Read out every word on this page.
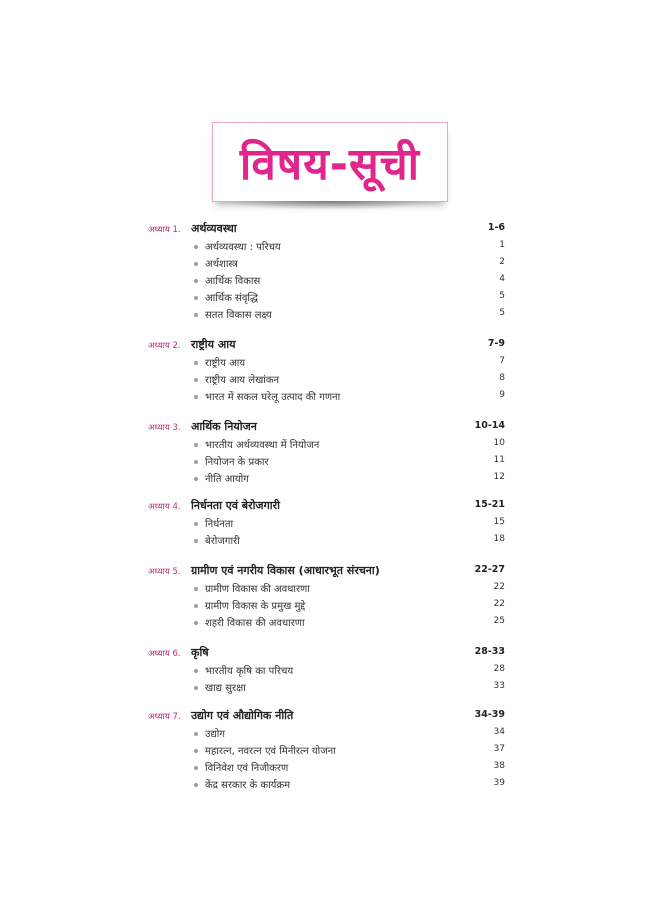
विषय-सूची
अध्याय 1. अर्थव्यवस्था	1-6
अर्थव्यवस्था : परिचय	1
अर्थशास्त्र	2
आर्थिक विकास	4
आर्थिक संवृद्धि	5
सतत विकास लक्ष्य	5
अध्याय 2. राष्ट्रीय आय	7-9
राष्ट्रीय आय	7
राष्ट्रीय आय लेखांकन	8
भारत में सकल घरेलू उत्पाद की गणना	9
अध्याय 3. आर्थिक नियोजन	10-14
भारतीय अर्थव्यवस्था में नियोजन	10
नियोजन के प्रकार	11
नीति आयोग	12
अध्याय 4. निर्धनता एवं बेरोजगारी	15-21
निर्धनता	15
बेरोजगारी	18
अध्याय 5. ग्रामीण एवं नगरीय विकास (आधारभूत संरचना)	22-27
ग्रामीण विकास की अवधारणा	22
ग्रामीण विकास के प्रमुख मुद्दे	22
शहरी विकास की अवधारणा	25
अध्याय 6. कृषि	28-33
भारतीय कृषि का परिचय	28
खाद्य सुरक्षा	33
अध्याय 7. उद्योग एवं औद्योगिक नीति	34-39
उद्योग	34
महारत्न, नवरत्न एवं मिनीरत्न योजना	37
विनिवेश एवं निजीकरण	38
केंद्र सरकार के कार्यक्रम	39
